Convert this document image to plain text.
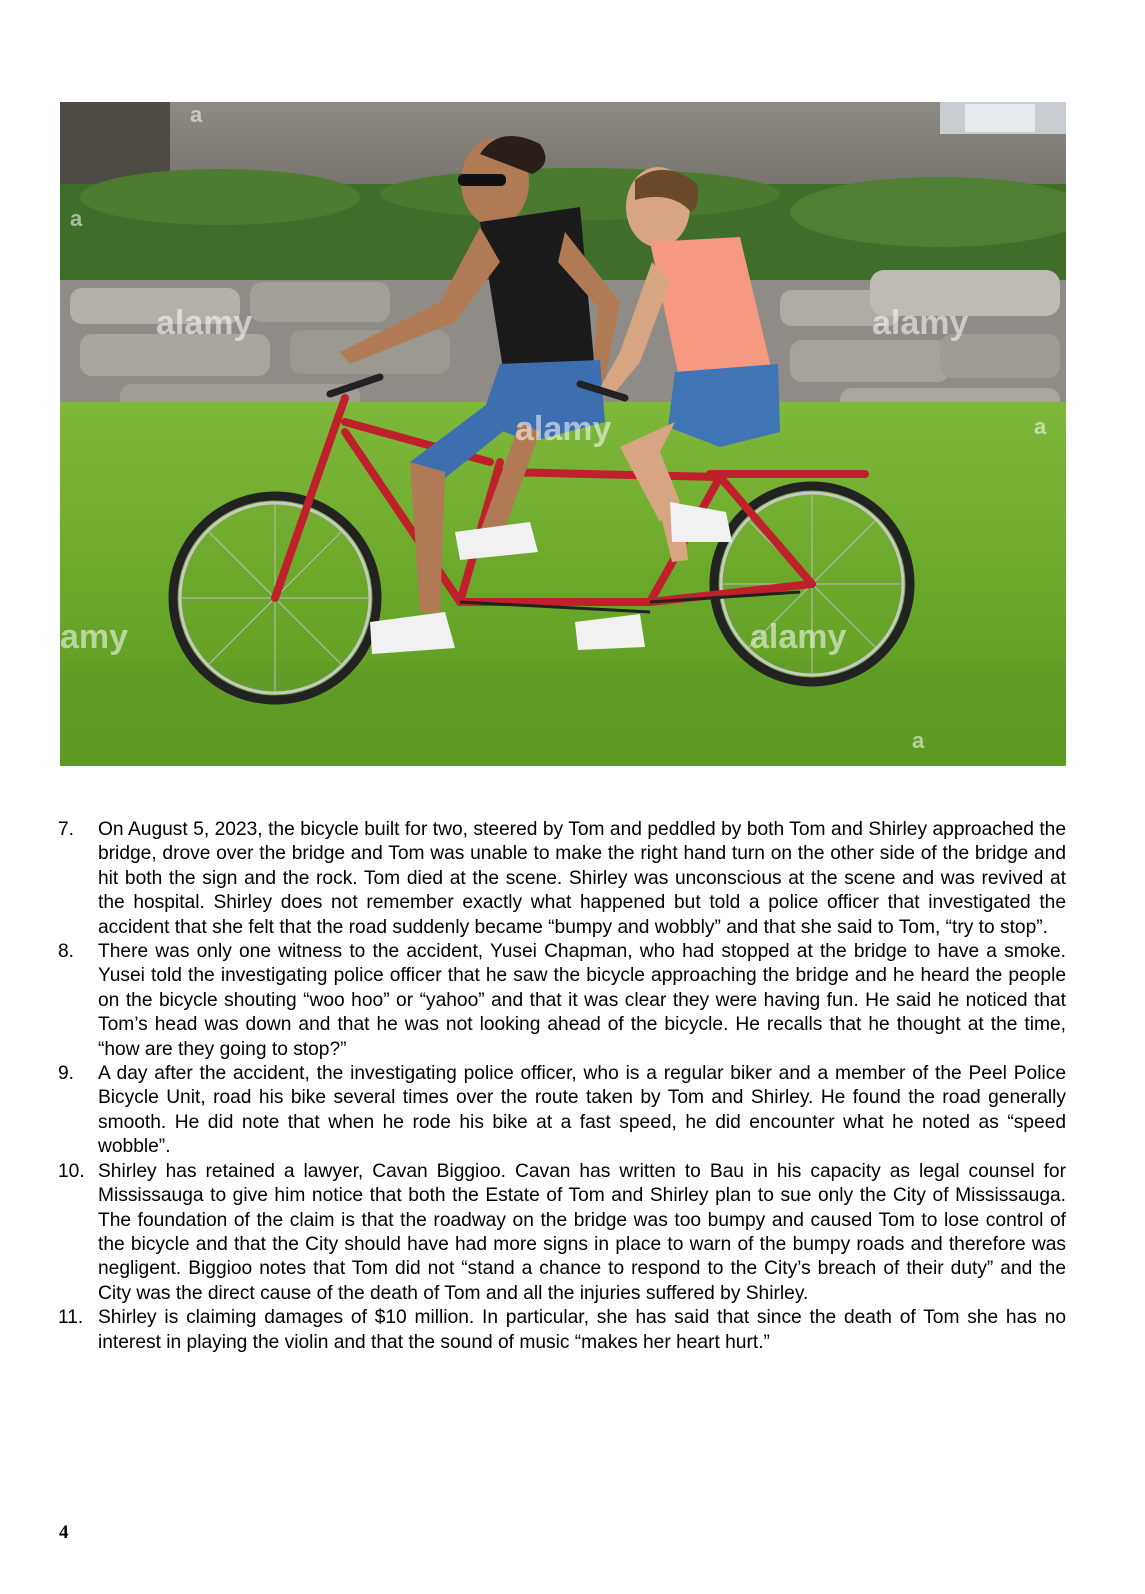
alamy
alamy
alamy
amy	alamy
a
a
a
a
7.	On August 5, 2023, the bicycle built for two, steered by Tom and peddled by both Tom and Shirley approached the bridge, drove over the bridge and Tom was unable to make the right hand turn on the other side of the bridge and hit both the sign and the rock. Tom died at the scene. Shirley was unconscious at the scene and was revived at the hospital. Shirley does not remember exactly what happened but told a police officer that investigated the accident that she felt that the road suddenly became “bumpy and wobbly” and that she said to Tom, “try to stop”.
8.	There was only one witness to the accident, Yusei Chapman, who had stopped at the bridge to have a smoke. Yusei told the investigating police officer that he saw the bicycle approaching the bridge and he heard the people on the bicycle shouting “woo hoo” or “yahoo” and that it was clear they were having fun. He said he noticed that Tom’s head was down and that he was not looking ahead of the bicycle. He recalls that he thought at the time, “how are they going to stop?”
9.	A day after the accident, the investigating police officer, who is a regular biker and a member of the Peel Police Bicycle Unit, road his bike several times over the route taken by Tom and Shirley. He found the road generally smooth. He did note that when he rode his bike at a fast speed, he did encounter what he noted as “speed wobble”.
10. Shirley has retained a lawyer, Cavan Biggioo. Cavan has written to Bau in his capacity as legal counsel for Mississauga to give him notice that both the Estate of Tom and Shirley plan to sue only the City of Mississauga. The foundation of the claim is that the roadway on the bridge was too bumpy and caused Tom to lose control of the bicycle and that the City should have had more signs in place to warn of the bumpy roads and therefore was negligent. Biggioo notes that Tom did not “stand a chance to respond to the City’s breach of their duty” and the City was the direct cause of the death of Tom and all the injuries suffered by Shirley.
11. Shirley is claiming damages of $10 million. In particular, she has said that since the death of Tom she has no interest in playing the violin and that the sound of music “makes her heart hurt.”
4
